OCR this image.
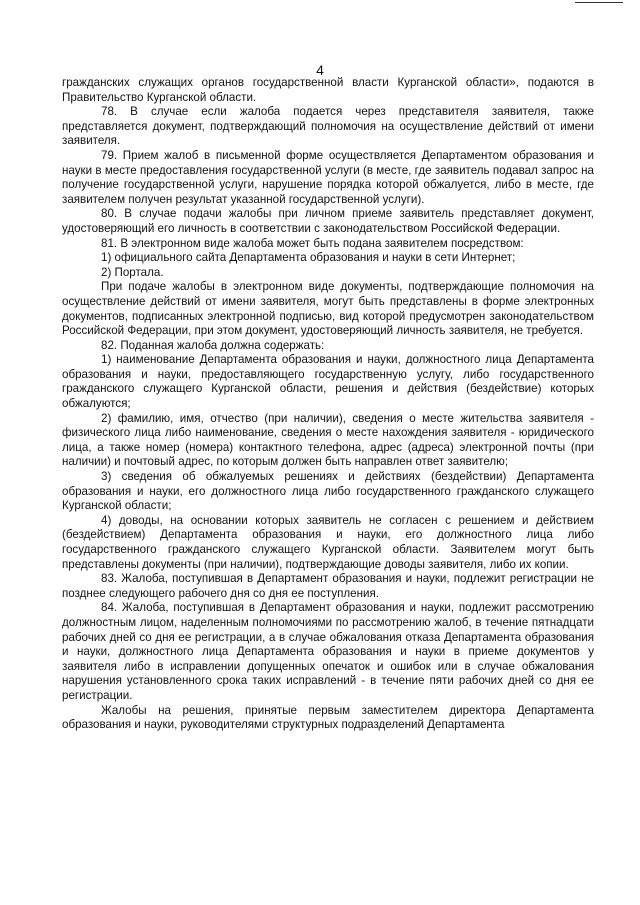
4

гражданских служащих органов государственной власти Курганской области», подаются в Правительство Курганской области.

78. В случае если жалоба подается через представителя заявителя, также представляется документ, подтверждающий полномочия на осуществление действий от имени заявителя.

79. Прием жалоб в письменной форме осуществляется Департаментом образования и науки в месте предоставления государственной услуги (в месте, где заявитель подавал запрос на получение государственной услуги, нарушение порядка которой обжалуется, либо в месте, где заявителем получен результат указанной государственной услуги).

80. В случае подачи жалобы при личном приеме заявитель представляет документ, удостоверяющий его личность в соответствии с законодательством Российской Федерации.

81. В электронном виде жалоба может быть подана заявителем посредством:

1) официального сайта Департамента образования и науки в сети Интернет;

2) Портала.

При подаче жалобы в электронном виде документы, подтверждающие полномочия на осуществление действий от имени заявителя, могут быть представлены в форме электронных документов, подписанных электронной подписью, вид которой предусмотрен законодательством Российской Федерации, при этом документ, удостоверяющий личность заявителя, не требуется.

82. Поданная жалоба должна содержать:

1) наименование Департамента образования и науки, должностного лица Департамента образования и науки, предоставляющего государственную услугу, либо государственного гражданского служащего Курганской области, решения и действия (бездействие) которых обжалуются;

2) фамилию, имя, отчество (при наличии), сведения о месте жительства заявителя - физического лица либо наименование, сведения о месте нахождения заявителя - юридического лица, а также номер (номера) контактного телефона, адрес (адреса) электронной почты (при наличии) и почтовый адрес, по которым должен быть направлен ответ заявителю;

3) сведения об обжалуемых решениях и действиях (бездействии) Департамента образования и науки, его должностного лица либо государственного гражданского служащего Курганской области;

4) доводы, на основании которых заявитель не согласен с решением и действием (бездействием) Департамента образования и науки, его должностного лица либо государственного гражданского служащего Курганской области. Заявителем могут быть представлены документы (при наличии), подтверждающие доводы заявителя, либо их копии.

83. Жалоба, поступившая в Департамент образования и науки, подлежит регистрации не позднее следующего рабочего дня со дня ее поступления.

84. Жалоба, поступившая в Департамент образования и науки, подлежит рассмотрению должностным лицом, наделенным полномочиями по рассмотрению жалоб, в течение пятнадцати рабочих дней со дня ее регистрации, а в случае обжалования отказа Департамента образования и науки, должностного лица Департамента образования и науки в приеме документов у заявителя либо в исправлении допущенных опечаток и ошибок или в случае обжалования нарушения установленного срока таких исправлений - в течение пяти рабочих дней со дня ее регистрации.

Жалобы на решения, принятые первым заместителем директора Департамента образования и науки, руководителями структурных подразделений Департамента
